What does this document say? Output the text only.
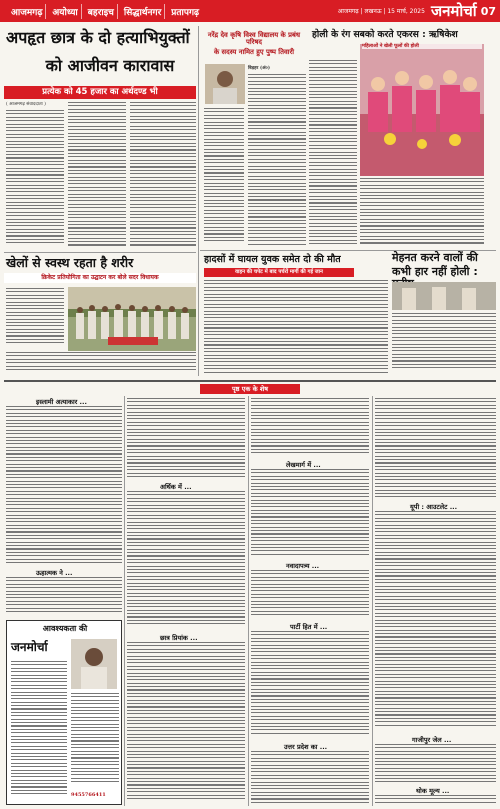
आजमगढ़	अयोध्या	बहराइच	सिद्धार्थनगर	प्रतापगढ़	आजमगढ़ | लखनऊ | 15 मार्च, 2025 जनमोर्चा 07
अपहृत छात्र के दो हत्याभियुक्तों
को आजीवन कारावास
प्रत्येक को 45 हजार का अर्थदण्ड भी
( आजमगढ़ संवाददाता )
खेलों से स्वस्थ रहता है शरीर
क्रिकेट प्रतियोगिता का उद्घाटन कर बोले सदर विधायक
नरेंद्र देव कृषि विश्व विद्यालय के प्रबंध परिषद
के सदस्य नामित हुए पुष्प तिवारी
बिड़हर (अं०)
होली के रंग सबको करते एकरस : ऋषिकेश
महिलाओं ने खेली फूलों की होली
हादसों में घायल युवक समेत दो की मौत
वाहन की चपेट में बाद पर्चरों मार्गी की गई जान
मेहनत करने वालों की
कभी हार नहीं होली :
पृष्ठ एक के शेष
इस्लामी अत्याकार ...
ऊहात्मक ने ...
आवश्यकता की
जनमोर्चा
9455766411
अर्थिक में ...
छात्र प्रियांक ...
लेखमार्ग में ...
नवादापत्र्य ...
पार्टी हित में ...
उत्तर प्रदेश का ...
यूपी : आउटलेट ...
गाजीपुर जेल ...
थोक मूल्य ...
